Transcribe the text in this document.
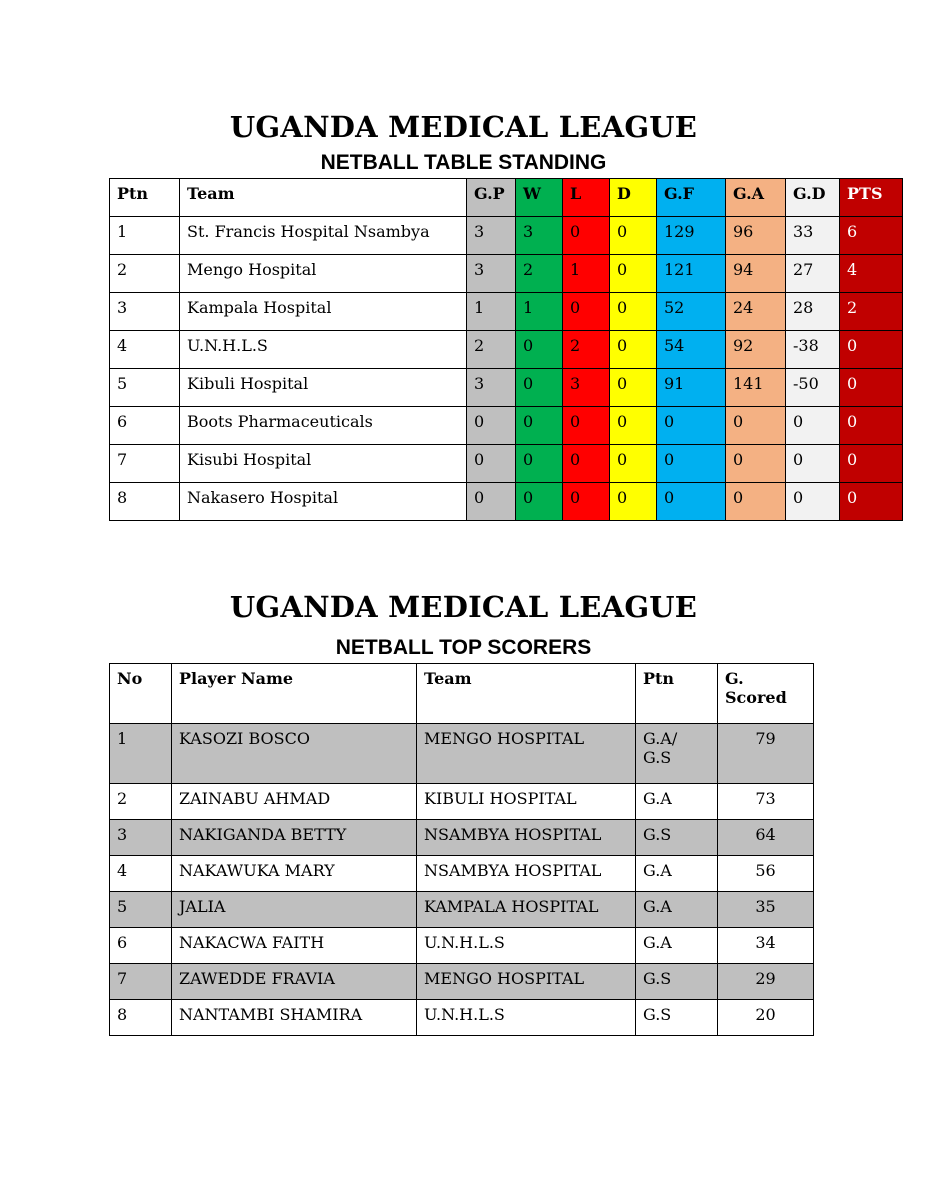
UGANDA MEDICAL LEAGUE
NETBALL TABLE STANDING
Ptn	Team	G.P	W	L	D	G.F	G.A	G.D	PTS
1	St. Francis Hospital Nsambya	3	3	0	0	129	96	33	6
2	Mengo Hospital	3	2	1	0	121	94	27	4
3	Kampala Hospital	1	1	0	0	52	24	28	2
4	U.N.H.L.S	2	0	2	0	54	92	-38	0
5	Kibuli Hospital	3	0	3	0	91	141	-50	0
6	Boots Pharmaceuticals	0	0	0	0	0	0	0	0
7	Kisubi Hospital	0	0	0	0	0	0	0	0
8	Nakasero Hospital	0	0	0	0	0	0	0	0
UGANDA MEDICAL LEAGUE
NETBALL TOP SCORERS
No	Player Name	Team	Ptn	G. Scored
1	KASOZI BOSCO	MENGO HOSPITAL	G.A/ G.S	79
2	ZAINABU AHMAD	KIBULI HOSPITAL	G.A	73
3	NAKIGANDA BETTY	NSAMBYA HOSPITAL	G.S	64
4	NAKAWUKA MARY	NSAMBYA HOSPITAL	G.A	56
5	JALIA	KAMPALA HOSPITAL	G.A	35
6	NAKACWA FAITH	U.N.H.L.S	G.A	34
7	ZAWEDDE FRAVIA	MENGO HOSPITAL	G.S	29
8	NANTAMBI SHAMIRA	U.N.H.L.S	G.S	20
